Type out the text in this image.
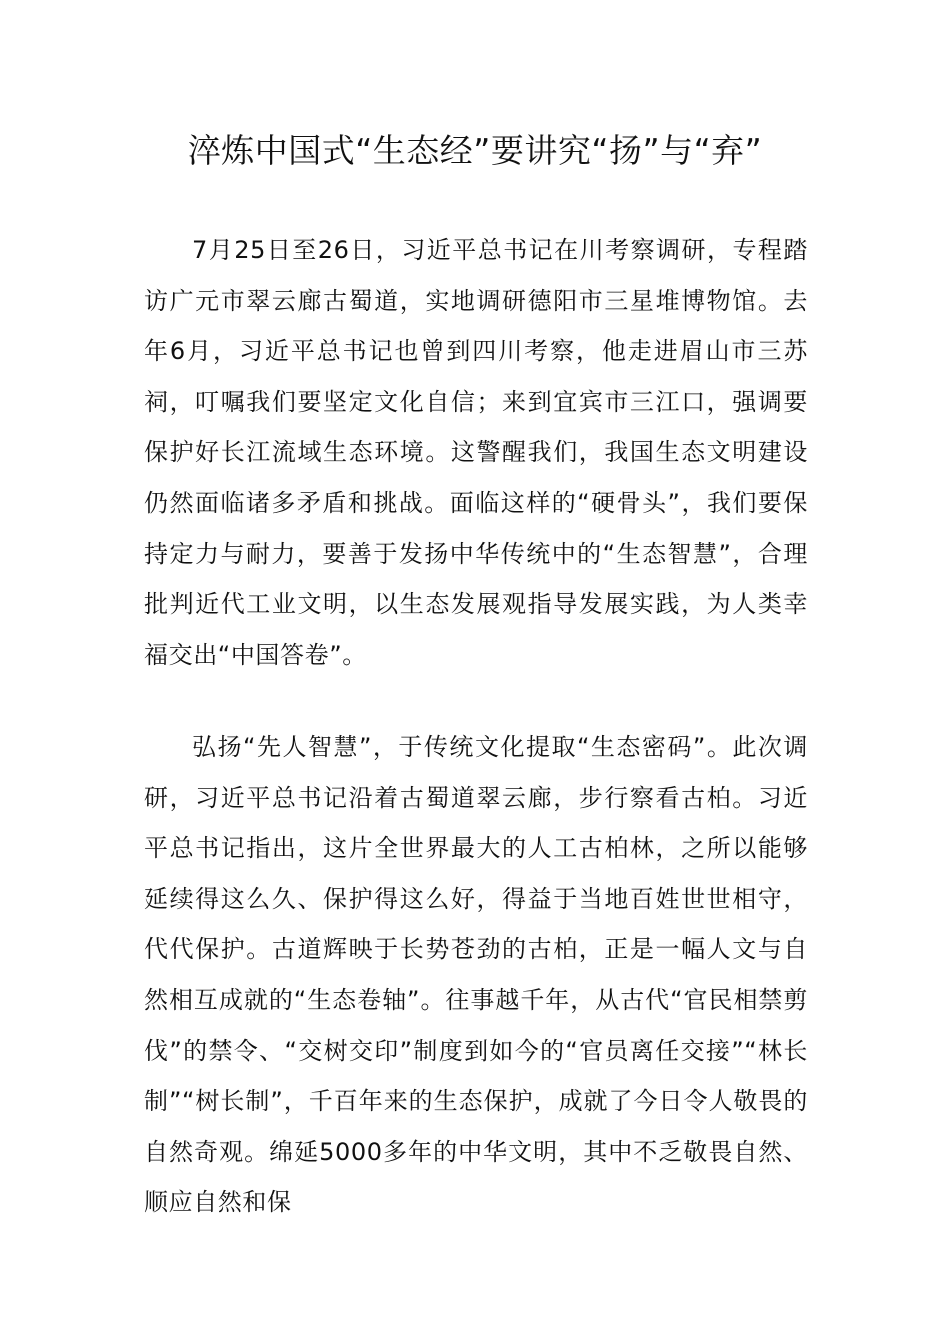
淬炼中国式“生态经”要讲究“扬”与“弃”

7月25日至26日，习近平总书记在川考察调研，专程踏访广元市翠云廊古蜀道，实地调研德阳市三星堆博物馆。去年6月，习近平总书记也曾到四川考察，他走进眉山市三苏祠，叮嘱我们要坚定文化自信；来到宜宾市三江口，强调要保护好长江流域生态环境。这警醒我们，我国生态文明建设仍然面临诸多矛盾和挑战。面临这样的“硬骨头”，我们要保持定力与耐力，要善于发扬中华传统中的“生态智慧”，合理批判近代工业文明，以生态发展观指导发展实践，为人类幸福交出“中国答卷”。

弘扬“先人智慧”，于传统文化提取“生态密码”。此次调研，习近平总书记沿着古蜀道翠云廊，步行察看古柏。习近平总书记指出，这片全世界最大的人工古柏林，之所以能够延续得这么久、保护得这么好，得益于当地百姓世世相守，代代保护。古道辉映于长势苍劲的古柏，正是一幅人文与自然相互成就的“生态卷轴”。往事越千年，从古代“官民相禁剪伐”的禁令、“交树交印”制度到如今的“官员离任交接”“林长制”“树长制”，千百年来的生态保护，成就了今日令人敬畏的自然奇观。绵延5000多年的中华文明，其中不乏敬畏自然、顺应自然和保
